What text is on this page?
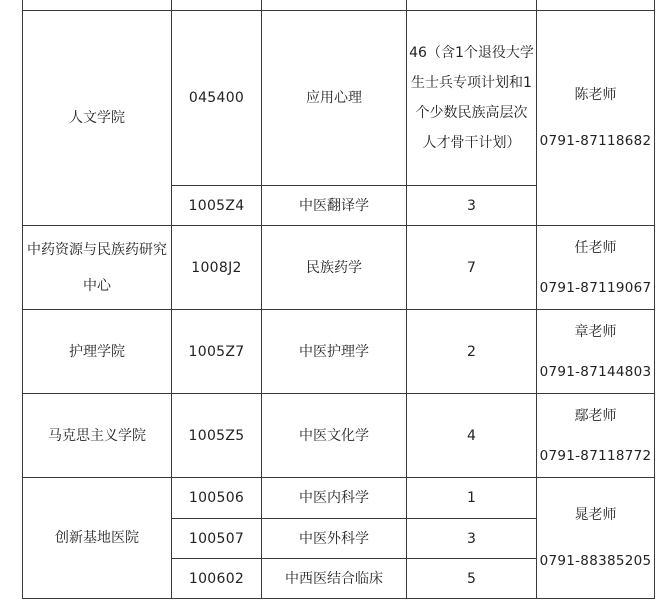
人文学院	045400	应用心理	46（含1个退役大学生士兵专项计划和1个少数民族高层次人才骨干计划）	陈老师
0791-87118682

	1005Z4	中医翻译学	3	
中药资源与民族药研究中心	1008J2	民族药学	7	任老师
0791-87119067

护理学院	1005Z7	中医护理学	2	章老师
0791-87144803

马克思主义学院	1005Z5	中医文化学	4	鄢老师
0791-87118772

创新基地医院	100506	中医内科学	1	晁老师
0791-88385205

	100507	中医外科学	3	
	100602	中西医结合临床	5	
